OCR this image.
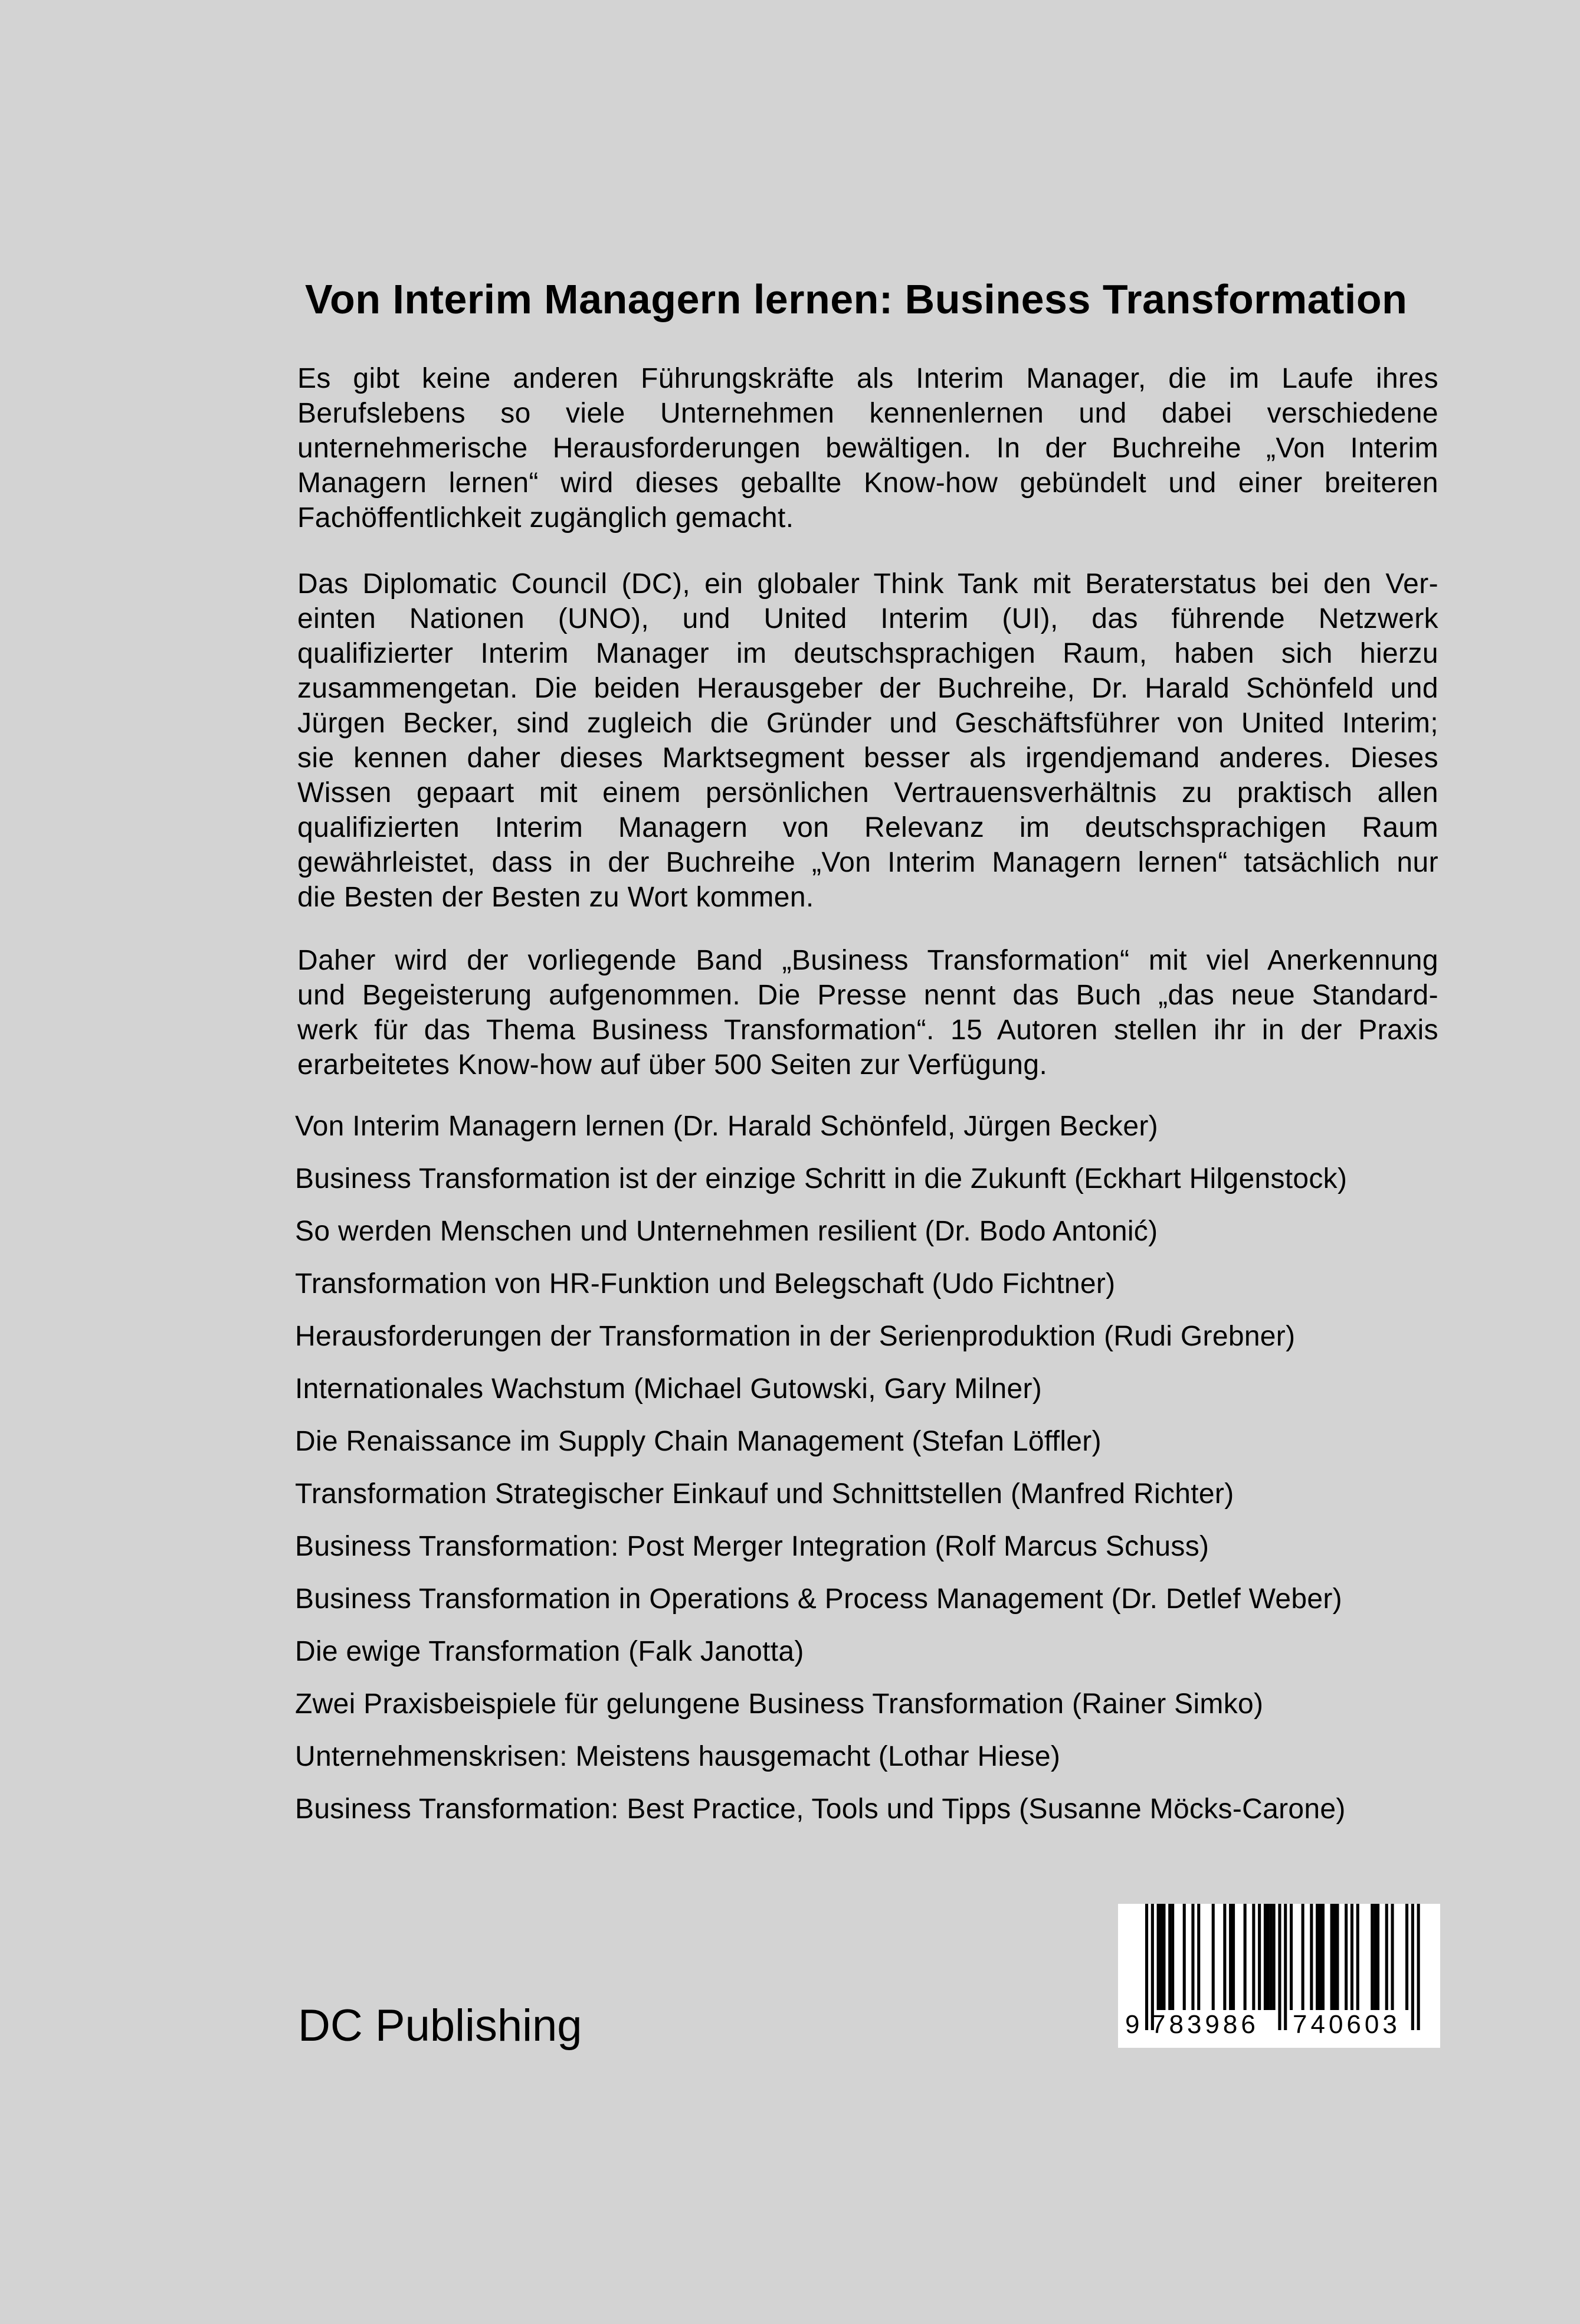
Von Interim Managern lernen: Business Transformation
Es gibt keine anderen Führungskräfte als Interim Manager, die im Laufe ihres
Berufslebens so viele Unternehmen kennenlernen und dabei verschiedene
unternehmerische Herausforderungen bewältigen. In der Buchreihe „Von Interim
Managern lernen“ wird dieses geballte Know-how gebündelt und einer breiteren
Fachöffentlichkeit zugänglich gemacht.
Das Diplomatic Council (DC), ein globaler Think Tank mit Beraterstatus bei den Ver-
einten Nationen (UNO), und United Interim (UI), das führende Netzwerk
qualifizierter Interim Manager im deutschsprachigen Raum, haben sich hierzu
zusammengetan. Die beiden Herausgeber der Buchreihe, Dr. Harald Schönfeld und
Jürgen Becker, sind zugleich die Gründer und Geschäftsführer von United Interim;
sie kennen daher dieses Marktsegment besser als irgendjemand anderes. Dieses
Wissen gepaart mit einem persönlichen Vertrauensverhältnis zu praktisch allen
qualifizierten Interim Managern von Relevanz im deutschsprachigen Raum
gewährleistet, dass in der Buchreihe „Von Interim Managern lernen“ tatsächlich nur
die Besten der Besten zu Wort kommen.
Daher wird der vorliegende Band „Business Transformation“ mit viel Anerkennung
und Begeisterung aufgenommen. Die Presse nennt das Buch „das neue Standard-
werk für das Thema Business Transformation“. 15 Autoren stellen ihr in der Praxis
erarbeitetes Know-how auf über 500 Seiten zur Verfügung.
Von Interim Managern lernen (Dr. Harald Schönfeld, Jürgen Becker)
Business Transformation ist der einzige Schritt in die Zukunft (Eckhart Hilgenstock)
So werden Menschen und Unternehmen resilient (Dr. Bodo Antonić)
Transformation von HR-Funktion und Belegschaft (Udo Fichtner)
Herausforderungen der Transformation in der Serienproduktion (Rudi Grebner)
Internationales Wachstum (Michael Gutowski, Gary Milner)
Die Renaissance im Supply Chain Management (Stefan Löffler)
Transformation Strategischer Einkauf und Schnittstellen (Manfred Richter)
Business Transformation: Post Merger Integration (Rolf Marcus Schuss)
Business Transformation in Operations & Process Management (Dr. Detlef Weber)
Die ewige Transformation (Falk Janotta)
Zwei Praxisbeispiele für gelungene Business Transformation (Rainer Simko)
Unternehmenskrisen: Meistens hausgemacht (Lothar Hiese)
Business Transformation: Best Practice, Tools und Tipps (Susanne Möcks-Carone)
DC Publishing	9 783986 740603
